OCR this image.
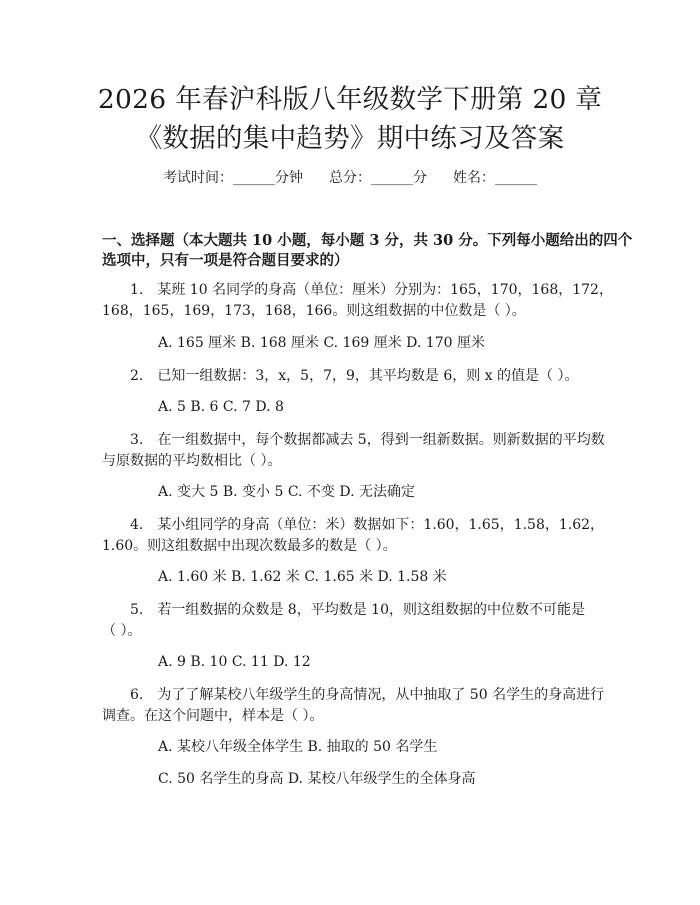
2026 年春沪科版八年级数学下册第 20 章
《数据的集中趋势》期中练习及答案
考试时间：______分钟 总分：______分 姓名：______
一、选择题（本大题共 10 小题，每小题 3 分，共 30 分。下列每小题给出的四个
选项中，只有一项是符合题目要求的）
1.　某班 10 名同学的身高（单位：厘米）分别为：165，170，168，172，
168，165，169，173，168，166。则这组数据的中位数是（ ）。
A. 165 厘米 B. 168 厘米 C. 169 厘米 D. 170 厘米
2.　已知一组数据：3，x，5，7，9，其平均数是 6，则 x 的值是（ ）。
A. 5 B. 6 C. 7 D. 8
3.　在一组数据中，每个数据都减去 5，得到一组新数据。则新数据的平均数
与原数据的平均数相比（ ）。
A. 变大 5 B. 变小 5 C. 不变 D. 无法确定
4.　某小组同学的身高（单位：米）数据如下：1.60，1.65，1.58，1.62，
1.60。则这组数据中出现次数最多的数是（ ）。
A. 1.60 米 B. 1.62 米 C. 1.65 米 D. 1.58 米
5.　若一组数据的众数是 8，平均数是 10，则这组数据的中位数不可能是
（ ）。
A. 9 B. 10 C. 11 D. 12
6.　为了了解某校八年级学生的身高情况，从中抽取了 50 名学生的身高进行
调查。在这个问题中，样本是（ ）。
A. 某校八年级全体学生 B. 抽取的 50 名学生
C. 50 名学生的身高 D. 某校八年级学生的全体身高
